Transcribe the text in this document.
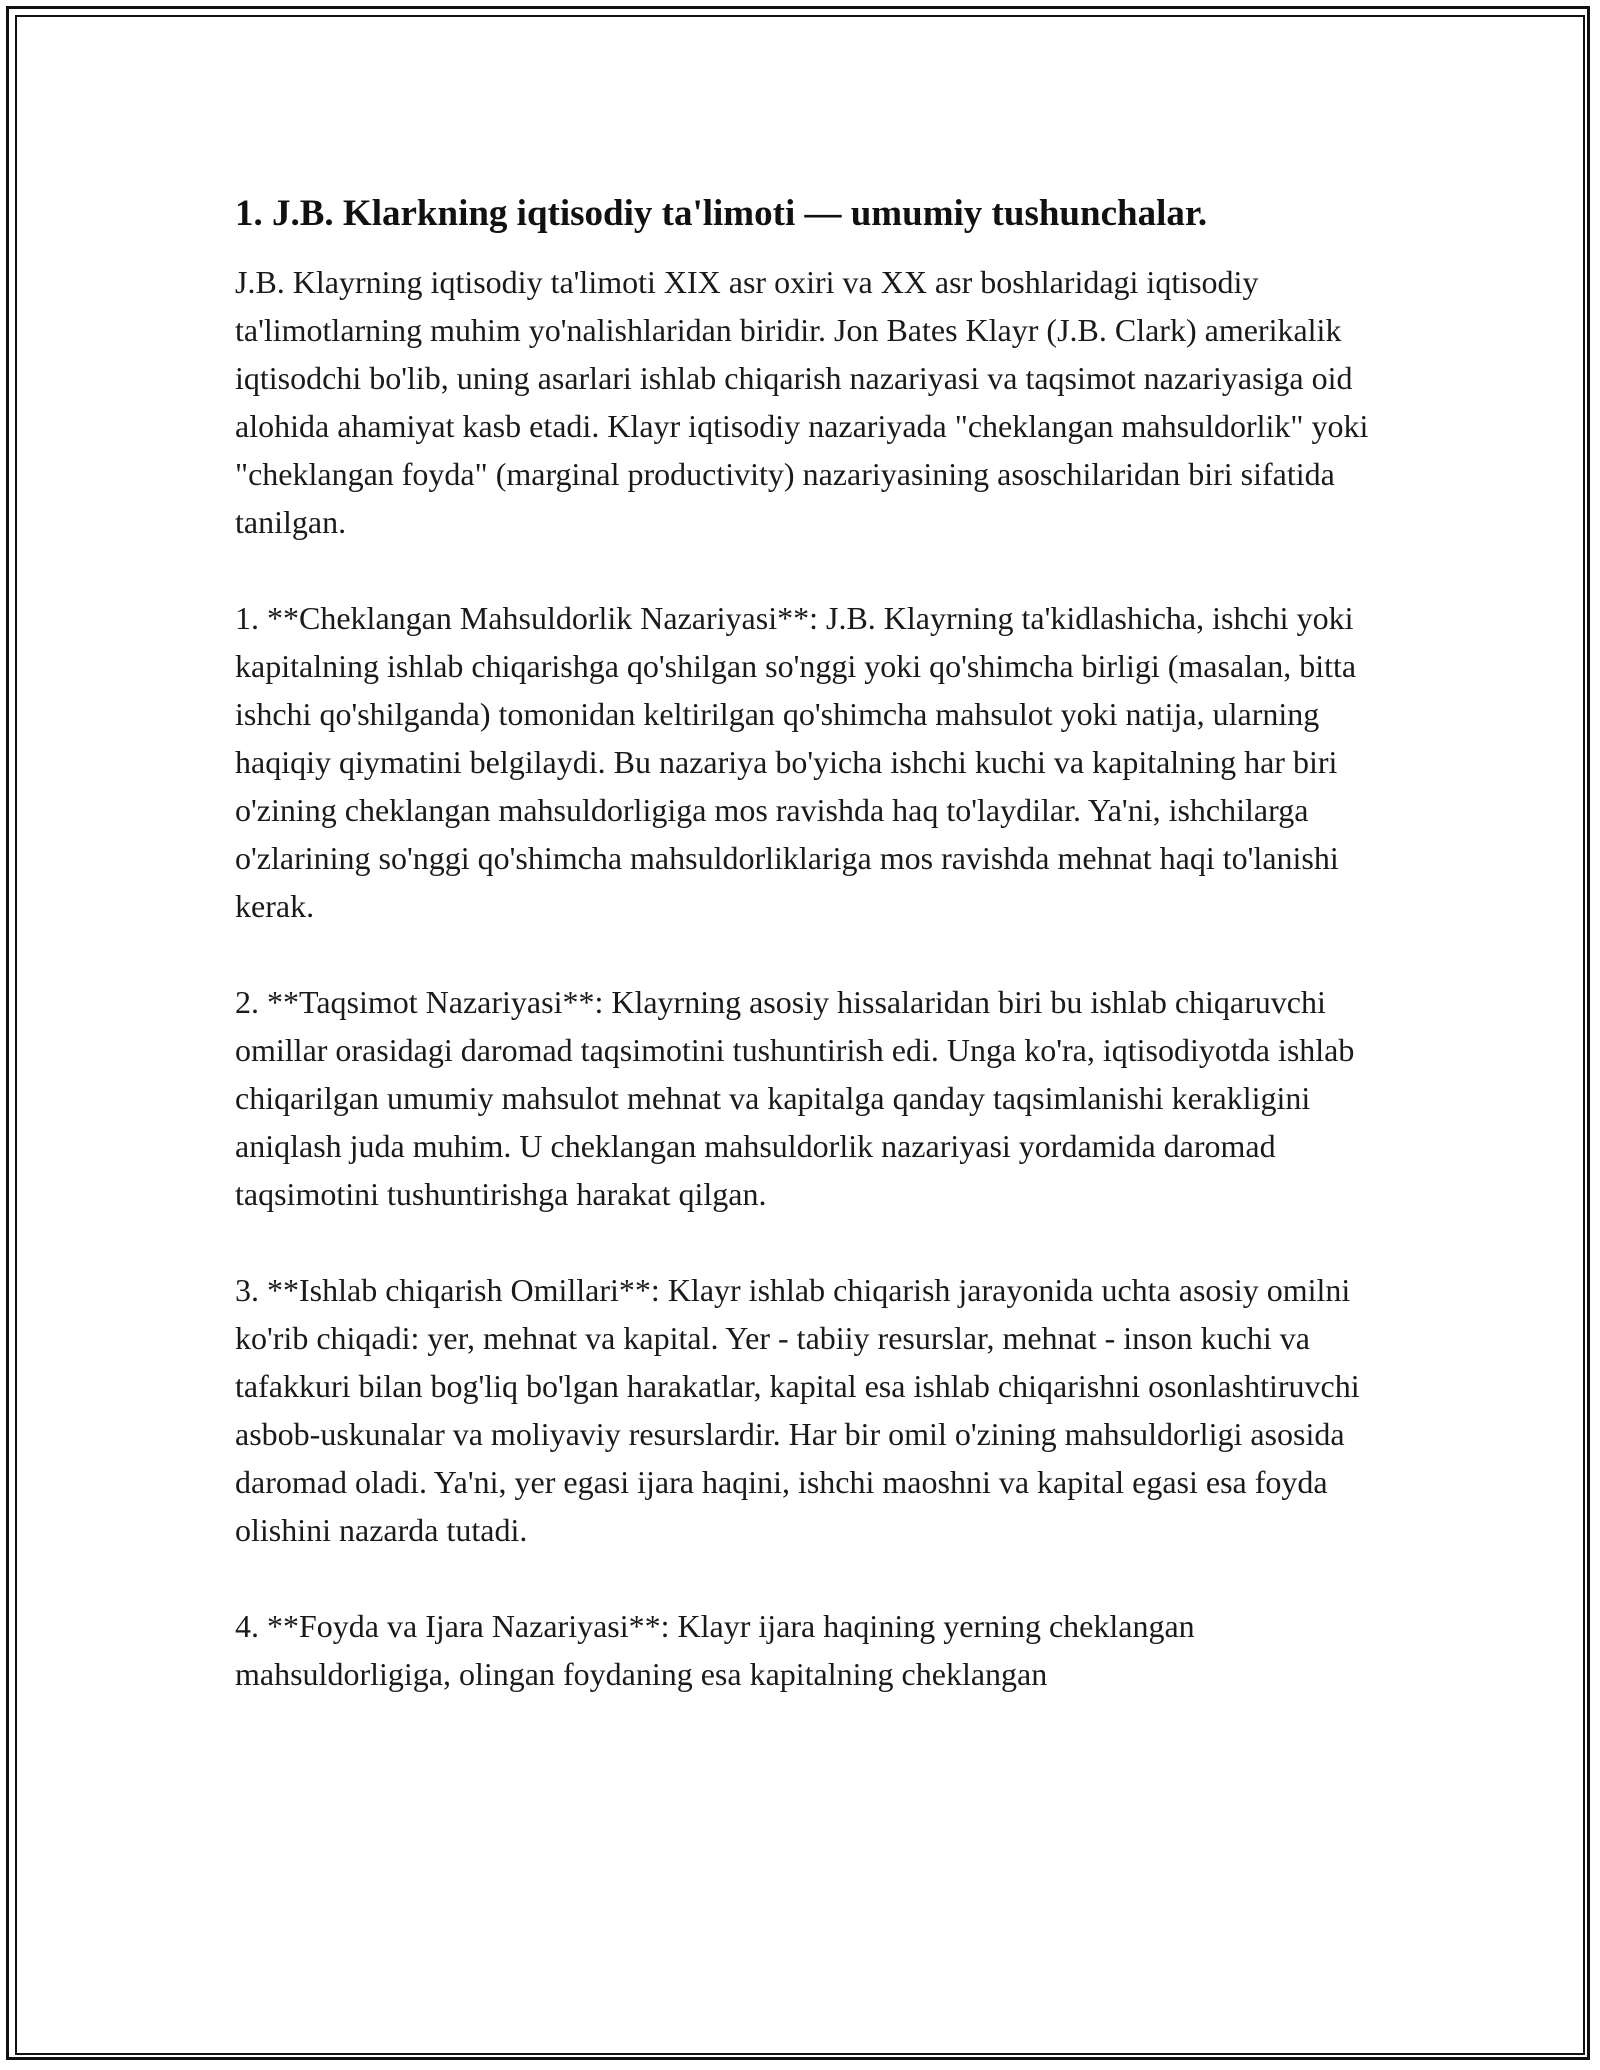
1. J.B. Klarkning iqtisodiy ta'limoti — umumiy tushunchalar.

J.B. Klayrning iqtisodiy ta'limoti XIX asr oxiri va XX asr boshlaridagi iqtisodiy ta'limotlarning muhim yo'nalishlaridan biridir. Jon Bates Klayr (J.B. Clark) amerikalik iqtisodchi bo'lib, uning asarlari ishlab chiqarish nazariyasi va taqsimot nazariyasiga oid alohida ahamiyat kasb etadi. Klayr iqtisodiy nazariyada "cheklangan mahsuldorlik" yoki "cheklangan foyda" (marginal productivity) nazariyasining asoschilaridan biri sifatida tanilgan.

1. **Cheklangan Mahsuldorlik Nazariyasi**: J.B. Klayrning ta'kidlashicha, ishchi yoki kapitalning ishlab chiqarishga qo'shilgan so'nggi yoki qo'shimcha birligi (masalan, bitta ishchi qo'shilganda) tomonidan keltirilgan qo'shimcha mahsulot yoki natija, ularning haqiqiy qiymatini belgilaydi. Bu nazariya bo'yicha ishchi kuchi va kapitalning har biri o'zining cheklangan mahsuldorligiga mos ravishda haq to'laydilar. Ya'ni, ishchilarga o'zlarining so'nggi qo'shimcha mahsuldorliklariga mos ravishda mehnat haqi to'lanishi kerak.

2. **Taqsimot Nazariyasi**: Klayrning asosiy hissalaridan biri bu ishlab chiqaruvchi omillar orasidagi daromad taqsimotini tushuntirish edi. Unga ko'ra, iqtisodiyotda ishlab chiqarilgan umumiy mahsulot mehnat va kapitalga qanday taqsimlanishi kerakligini aniqlash juda muhim. U cheklangan mahsuldorlik nazariyasi yordamida daromad taqsimotini tushuntirishga harakat qilgan.

3. **Ishlab chiqarish Omillari**: Klayr ishlab chiqarish jarayonida uchta asosiy omilni ko'rib chiqadi: yer, mehnat va kapital. Yer - tabiiy resurslar, mehnat - inson kuchi va tafakkuri bilan bog'liq bo'lgan harakatlar, kapital esa ishlab chiqarishni osonlashtiruvchi asbob-uskunalar va moliyaviy resurslardir. Har bir omil o'zining mahsuldorligi asosida daromad oladi. Ya'ni, yer egasi ijara haqini, ishchi maoshni va kapital egasi esa foyda olishini nazarda tutadi.

4. **Foyda va Ijara Nazariyasi**: Klayr ijara haqining yerning cheklangan mahsuldorligiga, olingan foydaning esa kapitalning cheklangan
